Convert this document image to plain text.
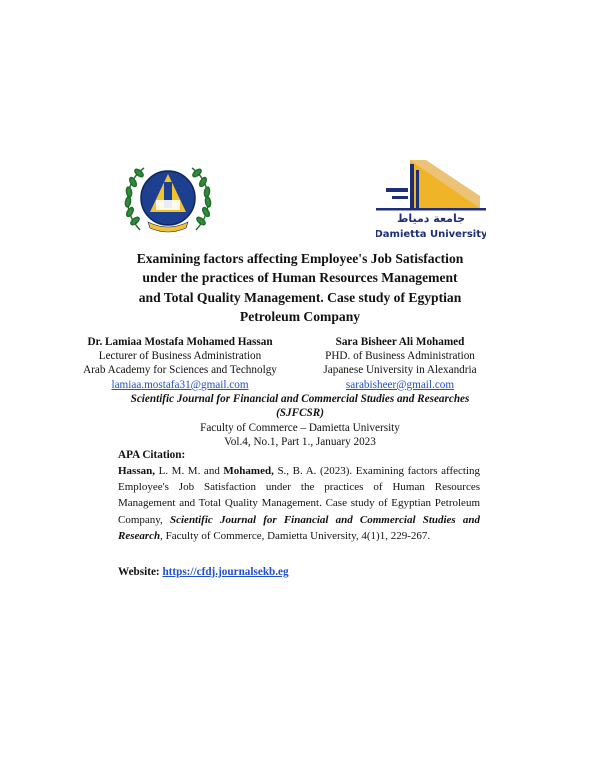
جامعة دمياط
Damietta University
Examining factors affecting Employee's Job Satisfaction
under the practices of Human Resources Management
and Total Quality Management. Case study of Egyptian
Petroleum Company
Dr. Lamiaa Mostafa Mohamed Hassan
Lecturer of Business Administration
Arab Academy for Sciences and Technolgy
lamiaa.mostafa31@gmail.com
Sara Bisheer Ali Mohamed
PHD. of Business Administration
Japanese University in Alexandria
sarabisheer@gmail.com
Scientific Journal for Financial and Commercial Studies and Researches
(SJFCSR)
Faculty of Commerce – Damietta University
Vol.4, No.1, Part 1., January 2023
APA Citation:
Hassan, L. M. M. and Mohamed, S., B. A. (2023). Examining factors affecting Employee's Job Satisfaction under the practices of Human Resources Management and Total Quality Management. Case study of Egyptian Petroleum Company, Scientific Journal for Financial and Commercial Studies and Research, Faculty of Commerce, Damietta University, 4(1)1, 229-267.
Website: https://cfdj.journalsekb.eg
